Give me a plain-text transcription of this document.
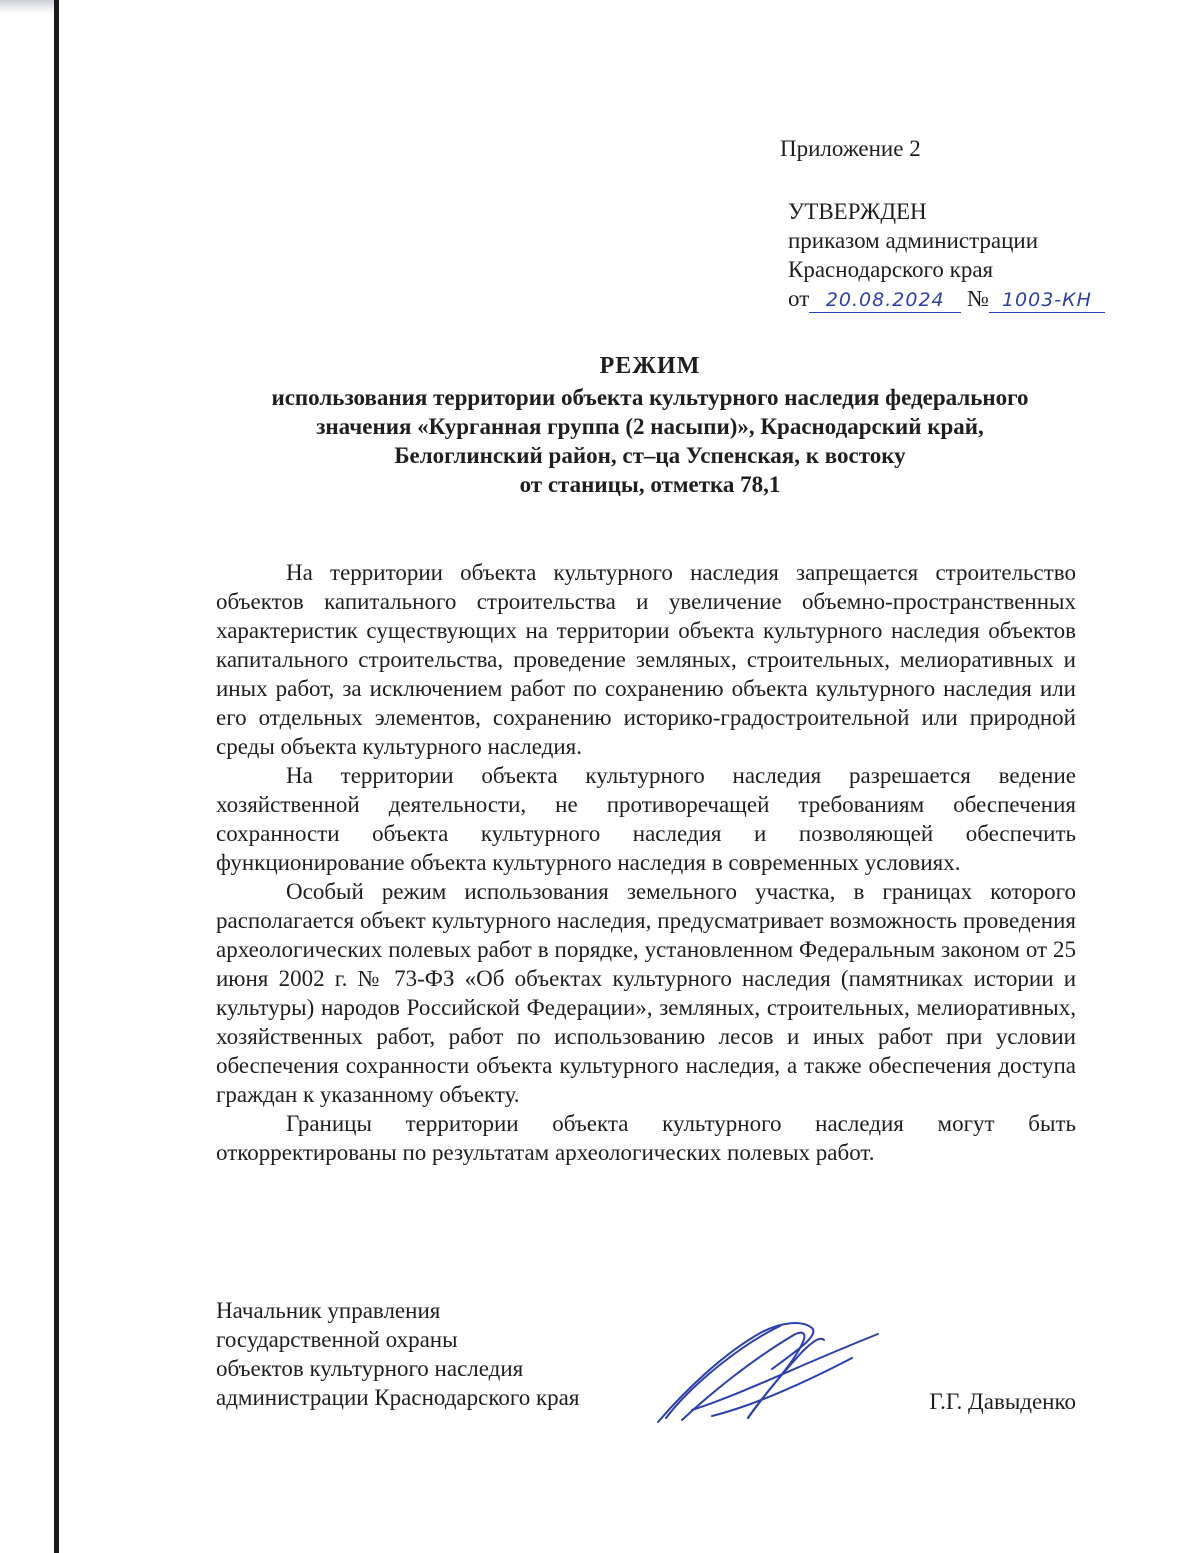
Приложение 2
УТВЕРЖДЕН
приказом администрации
Краснодарского края
от 20.08.2024 № 1003-КН
РЕЖИМ
использования территории объекта культурного наследия федерального
значения «Курганная группа (2 насыпи)», Краснодарский край,
Белоглинский район, ст–ца Успенская, к востоку
от станицы, отметка 78,1

На территории объекта культурного наследия запрещается строительство объектов капитального строительства и увеличение объемно-пространственных характеристик существующих на территории объекта культурного наследия объектов капитального строительства, проведение земляных, строительных, мелиоративных и иных работ, за исключением работ по сохранению объекта культурного наследия или его отдельных элементов, сохранению историко-градостроительной или природной среды объекта культурного наследия.

На территории объекта культурного наследия разрешается ведение хозяйственной деятельности, не противоречащей требованиям обеспечения сохранности объекта культурного наследия и позволяющей обеспечить функционирование объекта культурного наследия в современных условиях.

Особый режим использования земельного участка, в границах которого располагается объект культурного наследия, предусматривает возможность проведения археологических полевых работ в порядке, установленном Федеральным законом от 25 июня 2002 г. № 73-ФЗ «Об объектах культурного наследия (памятниках истории и культуры) народов Российской Федерации», земляных, строительных, мелиоративных, хозяйственных работ, работ по использованию лесов и иных работ при условии обеспечения сохранности объекта культурного наследия, а также обеспечения доступа граждан к указанному объекту.

Границы территории объекта культурного наследия могут быть откорректированы по результатам археологических полевых работ.

Начальник управления
государственной охраны
объектов культурного наследия
администрации Краснодарского края	Г.Г. Давыденко
